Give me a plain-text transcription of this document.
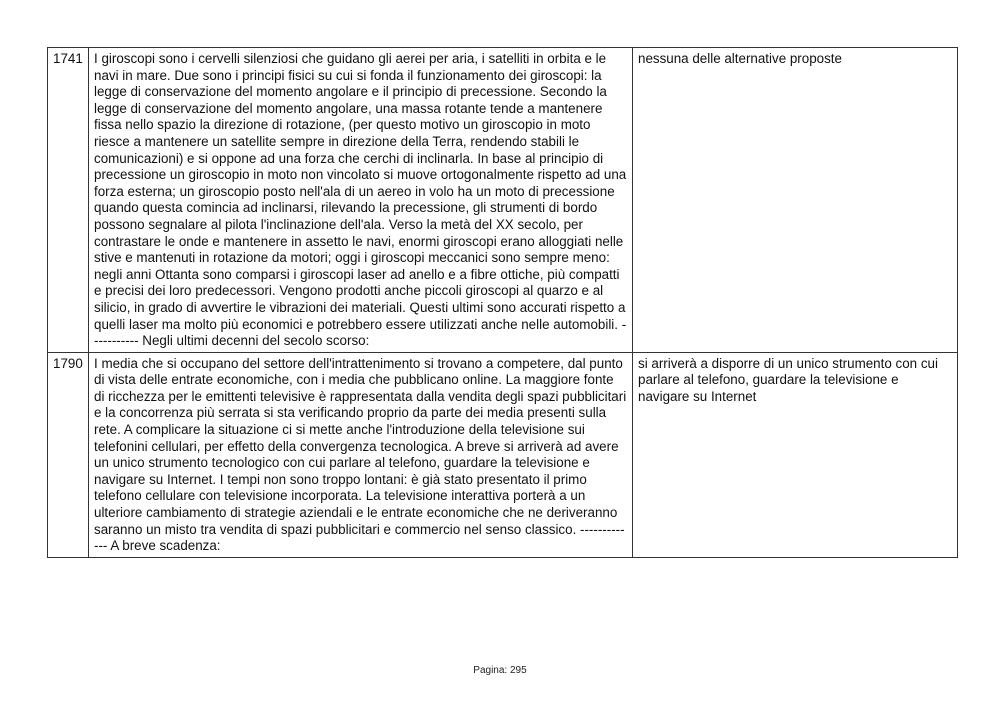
1741	I giroscopi sono i cervelli silenziosi che guidano gli aerei per aria, i satelliti in orbita e le navi in mare. Due sono i principi fisici su cui si fonda il funzionamento dei giroscopi: la legge di conservazione del momento angolare e il principio di precessione. Secondo la legge di conservazione del momento angolare, una massa rotante tende a mantenere fissa nello spazio la direzione di rotazione, (per questo motivo un giroscopio in moto riesce a mantenere un satellite sempre in direzione della Terra, rendendo stabili le comunicazioni) e si oppone ad una forza che cerchi di inclinarla. In base al principio di precessione un giroscopio in moto non vincolato si muove ortogonalmente rispetto ad una forza esterna; un giroscopio posto nell'ala di un aereo in volo ha un moto di precessione quando questa comincia ad inclinarsi, rilevando la precessione, gli strumenti di bordo possono segnalare al pilota l'inclinazione dell'ala. Verso la metà del XX secolo, per contrastare le onde e mantenere in assetto le navi, enormi giroscopi erano alloggiati nelle stive e mantenuti in rotazione da motori; oggi i giroscopi meccanici sono sempre meno: negli anni Ottanta sono comparsi i giroscopi laser ad anello e a fibre ottiche, più compatti e precisi dei loro predecessori. Vengono prodotti anche piccoli giroscopi al quarzo e al silicio, in grado di avvertire le vibrazioni dei materiali. Questi ultimi sono accurati rispetto a quelli laser ma molto più economici e potrebbero essere utilizzati anche nelle automobili. ----------- Negli ultimi decenni del secolo scorso:	nessuna delle alternative proposte
1790	I media che si occupano del settore dell'intrattenimento si trovano a competere, dal punto di vista delle entrate economiche, con i media che pubblicano online. La maggiore fonte di ricchezza per le emittenti televisive è rappresentata dalla vendita degli spazi pubblicitari e la concorrenza più serrata si sta verificando proprio da parte dei media presenti sulla rete. A complicare la situazione ci si mette anche l'introduzione della televisione sui telefonini cellulari, per effetto della convergenza tecnologica. A breve si arriverà ad avere un unico strumento tecnologico con cui parlare al telefono, guardare la televisione e navigare su Internet. I tempi non sono troppo lontani: è già stato presentato il primo telefono cellulare con televisione incorporata. La televisione interattiva porterà a un ulteriore cambiamento di strategie aziendali e le entrate economiche che ne deriveranno saranno un misto tra vendita di spazi pubblicitari e commercio nel senso classico. ------------- A breve scadenza:	si arriverà a disporre di un unico strumento con cui parlare al telefono, guardare la televisione e navigare su Internet
Pagina: 295
